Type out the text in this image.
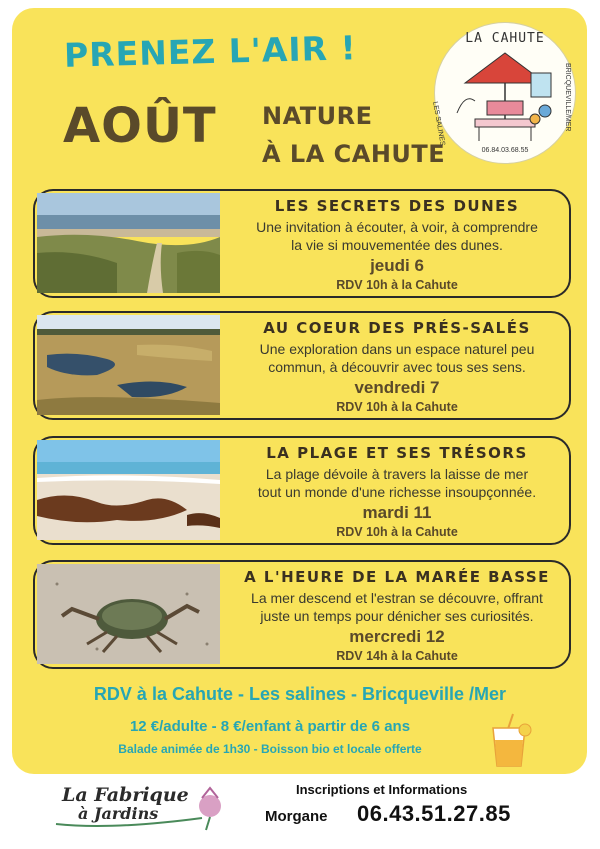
PRENEZ L'AIR !
AOÛT NATURE
À LA CAHUTE
LA CAHUTE
LES SALINES	BRICQUEVILLE/MER
06.84.03.68.55
LES SECRETS DES DUNES
Une invitation à écouter, à voir, à comprendre
la vie si mouvementée des dunes.
jeudi 6
RDV 10h à la Cahute
AU COEUR DES PRÉS-SALÉS
Une exploration dans un espace naturel peu
commun, à découvrir avec tous ses sens.
vendredi 7
RDV 10h à la Cahute
LA PLAGE ET SES TRÉSORS
La plage dévoile à travers la laisse de mer
tout un monde d'une richesse insoupçonnée.
mardi 11
RDV 10h à la Cahute
A L'HEURE DE LA MARÉE BASSE
La mer descend et l'estran se découvre, offrant
juste un temps pour dénicher ses curiosités.
mercredi 12
RDV 14h à la Cahute
RDV à la Cahute - Les salines - Bricqueville /Mer
12 €/adulte - 8 €/enfant à partir de 6 ans
Balade animée de 1h30 - Boisson bio et locale offerte
La Fabrique
à Jardins
Inscriptions et Informations
Morgane 06.43.51.27.85
